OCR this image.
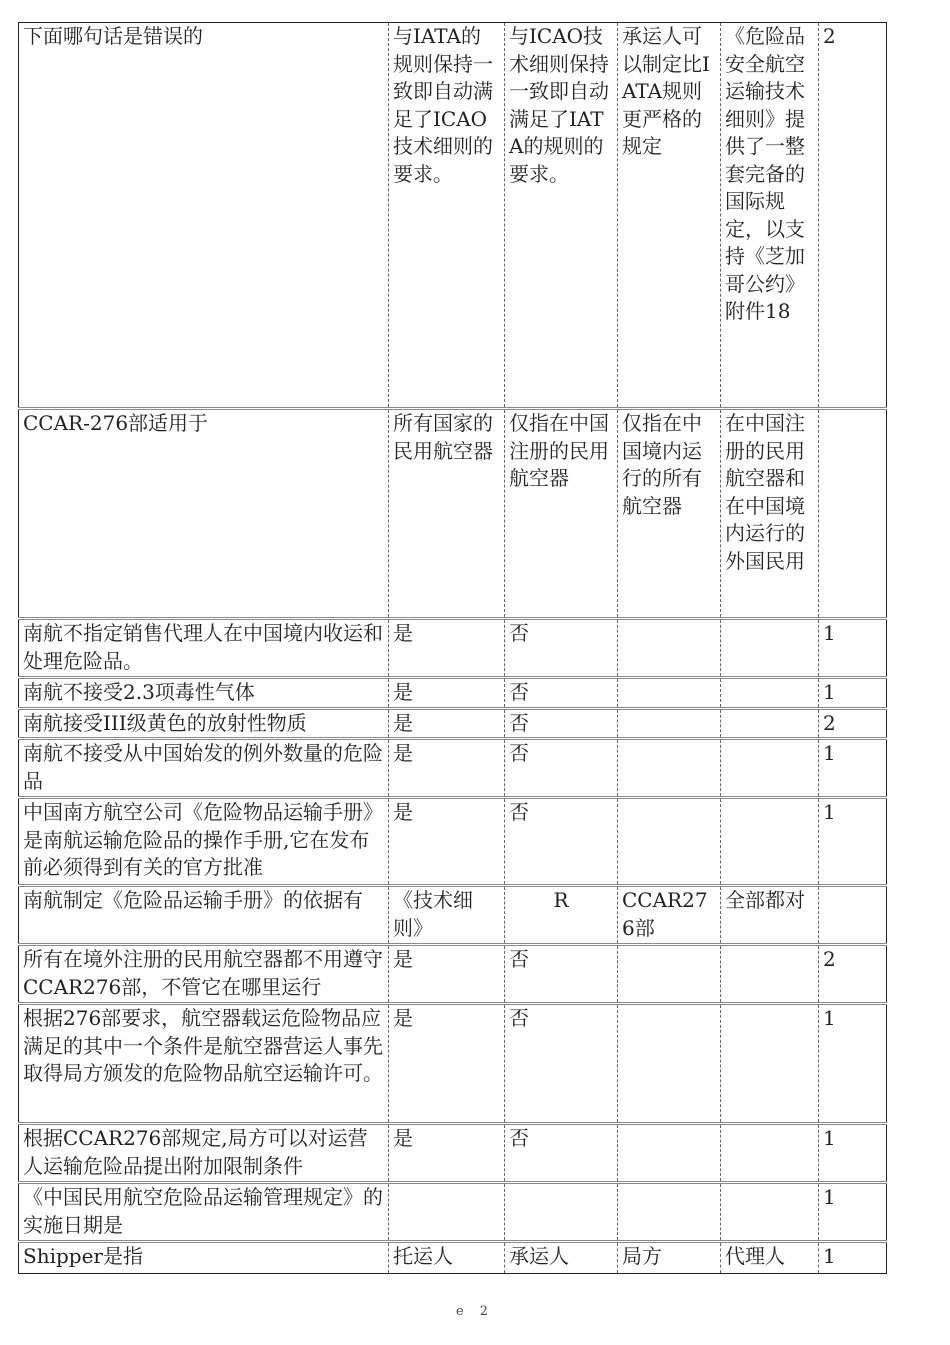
下面哪句话是错误的	与IATA的规则保持一致即自动满足了ICAO技术细则的要求。	与ICAO技术细则保持一致即自动满足了IATA的规则的要求。	承运人可以制定比IATA规则更严格的规定	《危险品安全航空运输技术细则》提供了一整套完备的国际规定，以支持《芝加哥公约》附件18	2
CCAR-276部适用于	所有国家的民用航空器	仅指在中国注册的民用航空器	仅指在中国境内运行的所有航空器	在中国注册的民用航空器和在中国境内运行的外国民用	
南航不指定销售代理人在中国境内收运和处理危险品。	是	否			1
南航不接受2.3项毒性气体	是	否			1
南航接受III级黄色的放射性物质	是	否			2
南航不接受从中国始发的例外数量的危险品	是	否			1
中国南方航空公司《危险物品运输手册》是南航运输危险品的操作手册,它在发布前必须得到有关的官方批准	是	否			1
南航制定《危险品运输手册》的依据有	《技术细则》	R	CCAR276部	全部都对	
所有在境外注册的民用航空器都不用遵守CCAR276部，不管它在哪里运行	是	否			2
根据276部要求，航空器载运危险物品应满足的其中一个条件是航空器营运人事先取得局方颁发的危险物品航空运输许可。	是	否			1
根据CCAR276部规定,局方可以对运营人运输危险品提出附加限制条件	是	否			1
《中国民用航空危险品运输管理规定》的实施日期是					1
Shipper是指	托运人	承运人	局方	代理人	1
e 2
